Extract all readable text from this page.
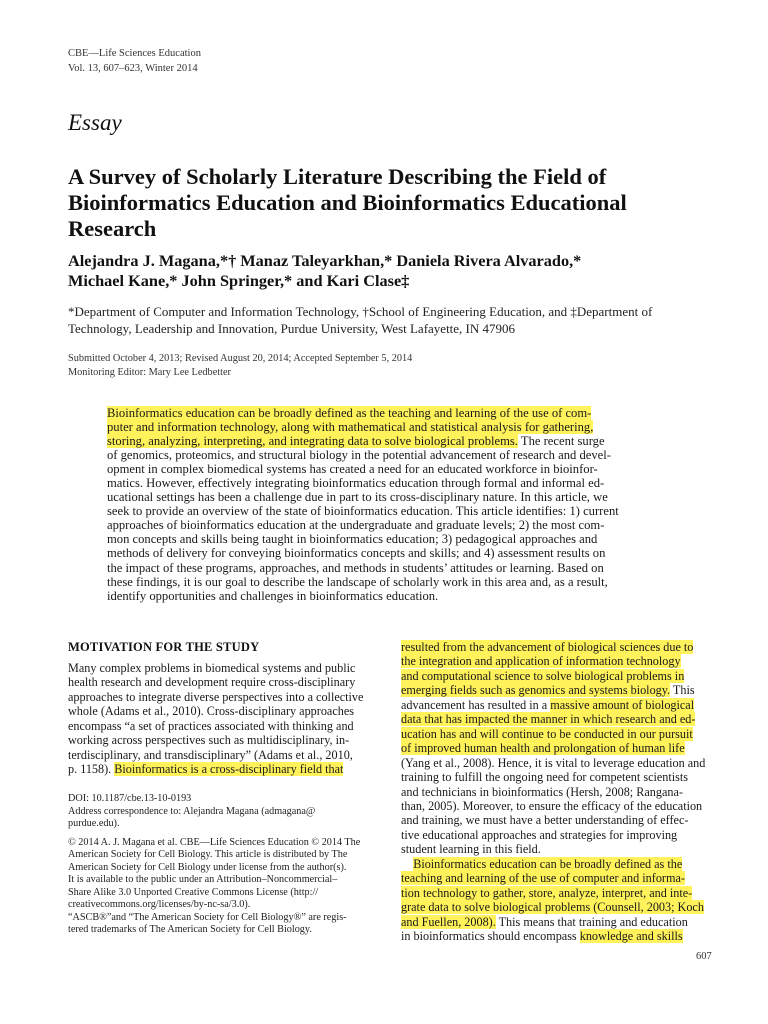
CBE—Life Sciences Education
Vol. 13, 607–623, Winter 2014
Essay
A Survey of Scholarly Literature Describing the Field of
Bioinformatics Education and Bioinformatics Educational
Research
Alejandra J. Magana,*† Manaz Taleyarkhan,* Daniela Rivera Alvarado,*
Michael Kane,* John Springer,* and Kari Clase‡
*Department of Computer and Information Technology, †School of Engineering Education, and ‡Department of
Technology, Leadership and Innovation, Purdue University, West Lafayette, IN 47906
Submitted October 4, 2013; Revised August 20, 2014; Accepted September 5, 2014
Monitoring Editor: Mary Lee Ledbetter
Bioinformatics education can be broadly defined as the teaching and learning of the use of com-
puter and information technology, along with mathematical and statistical analysis for gathering,
storing, analyzing, interpreting, and integrating data to solve biological problems. The recent surge
of genomics, proteomics, and structural biology in the potential advancement of research and devel-
opment in complex biomedical systems has created a need for an educated workforce in bioinfor-
matics. However, effectively integrating bioinformatics education through formal and informal ed-
ucational settings has been a challenge due in part to its cross-disciplinary nature. In this article, we
seek to provide an overview of the state of bioinformatics education. This article identifies: 1) current
approaches of bioinformatics education at the undergraduate and graduate levels; 2) the most com-
mon concepts and skills being taught in bioinformatics education; 3) pedagogical approaches and
methods of delivery for conveying bioinformatics concepts and skills; and 4) assessment results on
the impact of these programs, approaches, and methods in students’ attitudes or learning. Based on
these findings, it is our goal to describe the landscape of scholarly work in this area and, as a result,
identify opportunities and challenges in bioinformatics education.
MOTIVATION FOR THE STUDY
Many complex problems in biomedical systems and public
health research and development require cross-disciplinary
approaches to integrate diverse perspectives into a collective
whole (Adams et al., 2010). Cross-disciplinary approaches
encompass “a set of practices associated with thinking and
working across perspectives such as multidisciplinary, in-
terdisciplinary, and transdisciplinary” (Adams et al., 2010,
p. 1158). Bioinformatics is a cross-disciplinary field that
DOI: 10.1187/cbe.13-10-0193
Address correspondence to: Alejandra Magana (admagana@
purdue.edu).
© 2014 A. J. Magana et al. CBE—Life Sciences Education © 2014 The
American Society for Cell Biology. This article is distributed by The
American Society for Cell Biology under license from the author(s).
It is available to the public under an Attribution–Noncommercial–
Share Alike 3.0 Unported Creative Commons License (http://
creativecommons.org/licenses/by-nc-sa/3.0).
“ASCB®”and “The American Society for Cell Biology®” are regis-
tered trademarks of The American Society for Cell Biology.
resulted from the advancement of biological sciences due to
the integration and application of information technology
and computational science to solve biological problems in
emerging fields such as genomics and systems biology. This
advancement has resulted in a massive amount of biological
data that has impacted the manner in which research and ed-
ucation has and will continue to be conducted in our pursuit
of improved human health and prolongation of human life
(Yang et al., 2008). Hence, it is vital to leverage education and
training to fulfill the ongoing need for competent scientists
and technicians in bioinformatics (Hersh, 2008; Rangana-
than, 2005). Moreover, to ensure the efficacy of the education
and training, we must have a better understanding of effec-
tive educational approaches and strategies for improving
student learning in this field.
 Bioinformatics education can be broadly defined as the
teaching and learning of the use of computer and informa-
tion technology to gather, store, analyze, interpret, and inte-
grate data to solve biological problems (Counsell, 2003; Koch
and Fuellen, 2008). This means that training and education
in bioinformatics should encompass knowledge and skills
607
